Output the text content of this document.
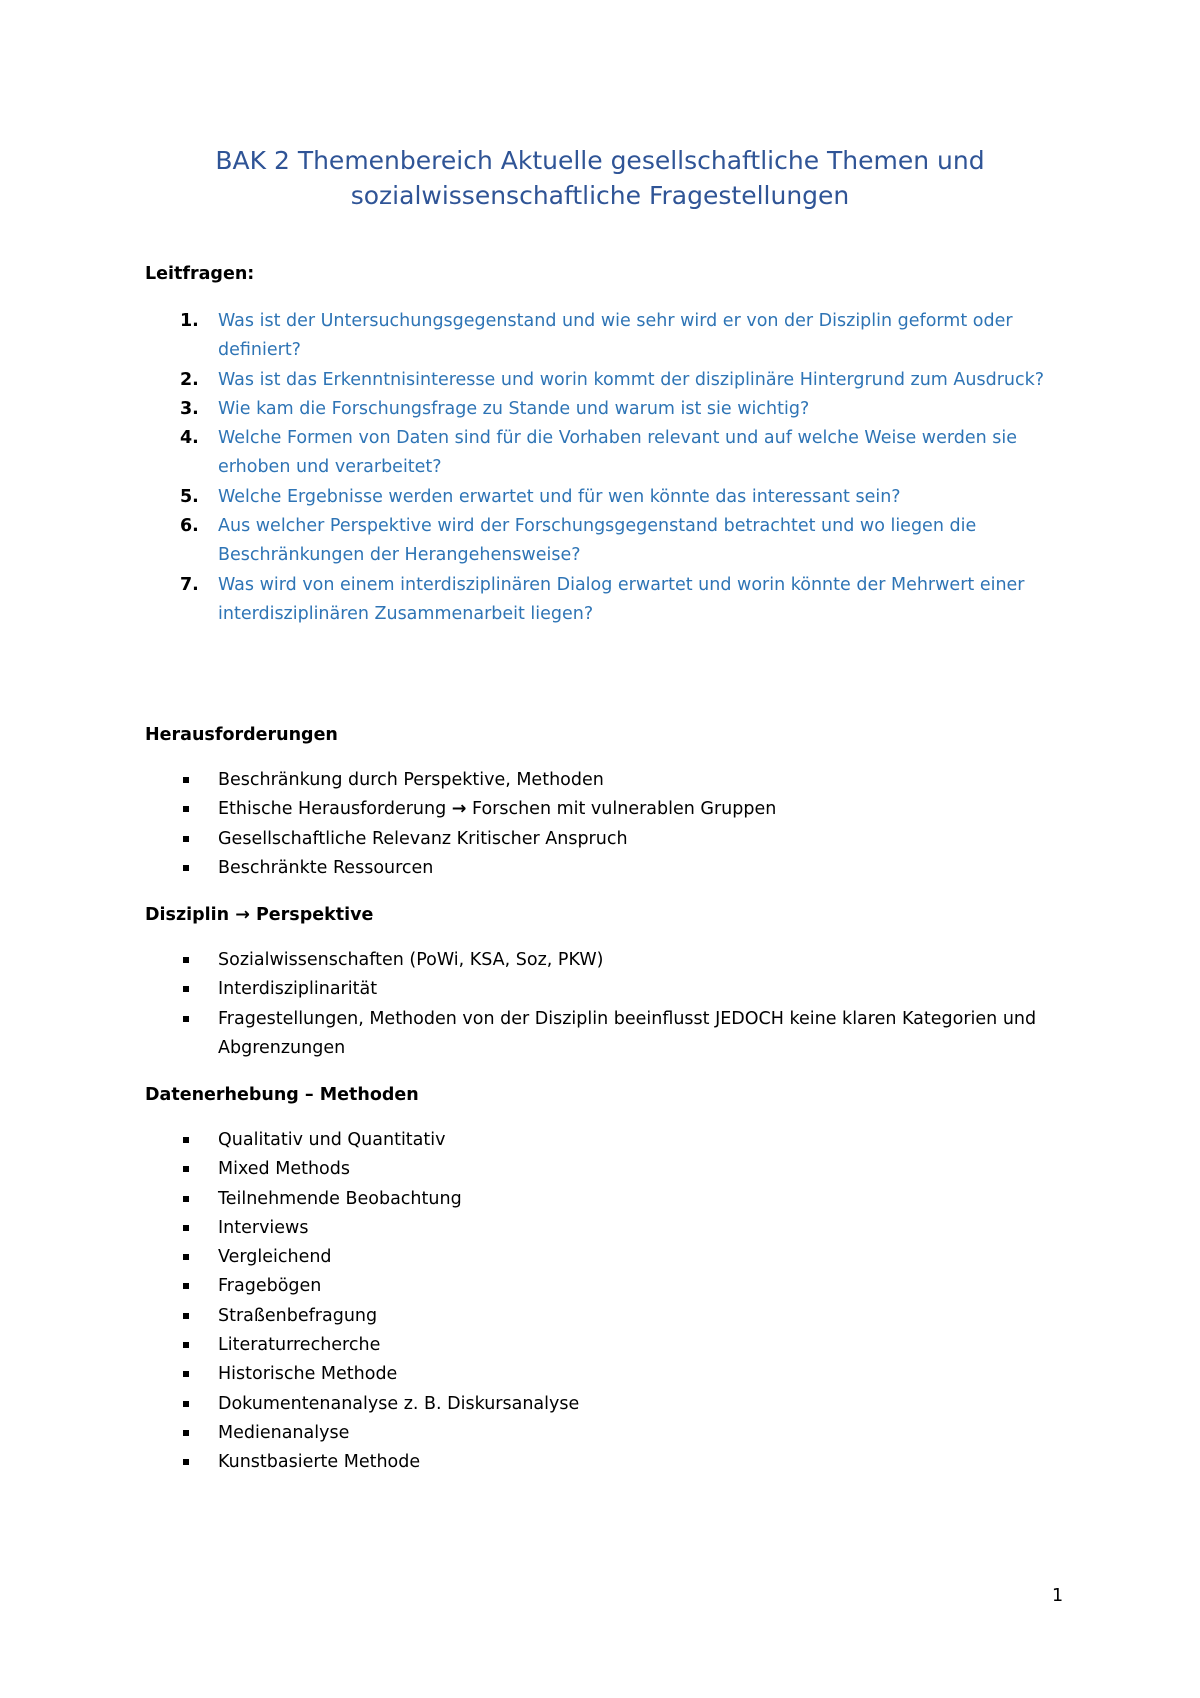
BAK 2 Themenbereich Aktuelle gesellschaftliche Themen und
sozialwissenschaftliche Fragestellungen

Leitfragen:

1. Was ist der Untersuchungsgegenstand und wie sehr wird er von der Disziplin geformt oder definiert?
2. Was ist das Erkenntnisinteresse und worin kommt der disziplinäre Hintergrund zum Ausdruck?
3. Wie kam die Forschungsfrage zu Stande und warum ist sie wichtig?
4. Welche Formen von Daten sind für die Vorhaben relevant und auf welche Weise werden sie erhoben und verarbeitet?
5. Welche Ergebnisse werden erwartet und für wen könnte das interessant sein?
6. Aus welcher Perspektive wird der Forschungsgegenstand betrachtet und wo liegen die Beschränkungen der Herangehensweise?
7. Was wird von einem interdisziplinären Dialog erwartet und worin könnte der Mehrwert einer interdisziplinären Zusammenarbeit liegen?

Herausforderungen

Beschränkung durch Perspektive, Methoden
Ethische Herausforderung → Forschen mit vulnerablen Gruppen
Gesellschaftliche Relevanz Kritischer Anspruch
Beschränkte Ressourcen

Disziplin → Perspektive

Sozialwissenschaften (PoWi, KSA, Soz, PKW)
Interdisziplinarität
Fragestellungen, Methoden von der Disziplin beeinflusst JEDOCH keine klaren Kategorien und Abgrenzungen

Datenerhebung – Methoden

Qualitativ und Quantitativ
Mixed Methods
Teilnehmende Beobachtung
Interviews
Vergleichend
Fragebögen
Straßenbefragung
Literaturrecherche
Historische Methode
Dokumentenanalyse z. B. Diskursanalyse
Medienanalyse
Kunstbasierte Methode
1
